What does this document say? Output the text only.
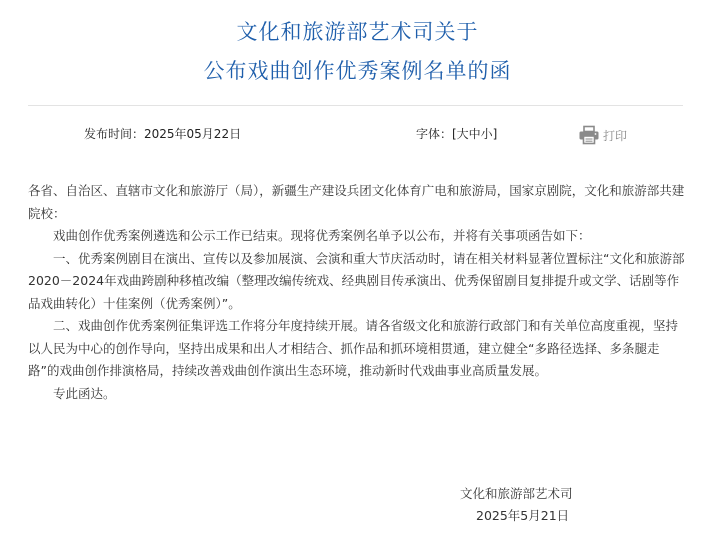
文化和旅游部艺术司关于
公布戏曲创作优秀案例名单的函
发布时间：2025年05月22日	字体：[大中小]	打印

各省、自治区、直辖市文化和旅游厅（局），新疆生产建设兵团文化体育广电和旅游局，国家京剧院，文化和旅游部共建院校：

戏曲创作优秀案例遴选和公示工作已结束。现将优秀案例名单予以公布，并将有关事项函告如下：

一、优秀案例剧目在演出、宣传以及参加展演、会演和重大节庆活动时，请在相关材料显著位置标注“文化和旅游部2020－2024年戏曲跨剧种移植改编（整理改编传统戏、经典剧目传承演出、优秀保留剧目复排提升或文学、话剧等作品戏曲转化）十佳案例（优秀案例）”。

二、戏曲创作优秀案例征集评选工作将分年度持续开展。请各省级文化和旅游行政部门和有关单位高度重视，坚持以人民为中心的创作导向，坚持出成果和出人才相结合、抓作品和抓环境相贯通，建立健全“多路径选择、多条腿走路”的戏曲创作排演格局，持续改善戏曲创作演出生态环境，推动新时代戏曲事业高质量发展。

专此函达。

文化和旅游部艺术司
2025年5月21日
